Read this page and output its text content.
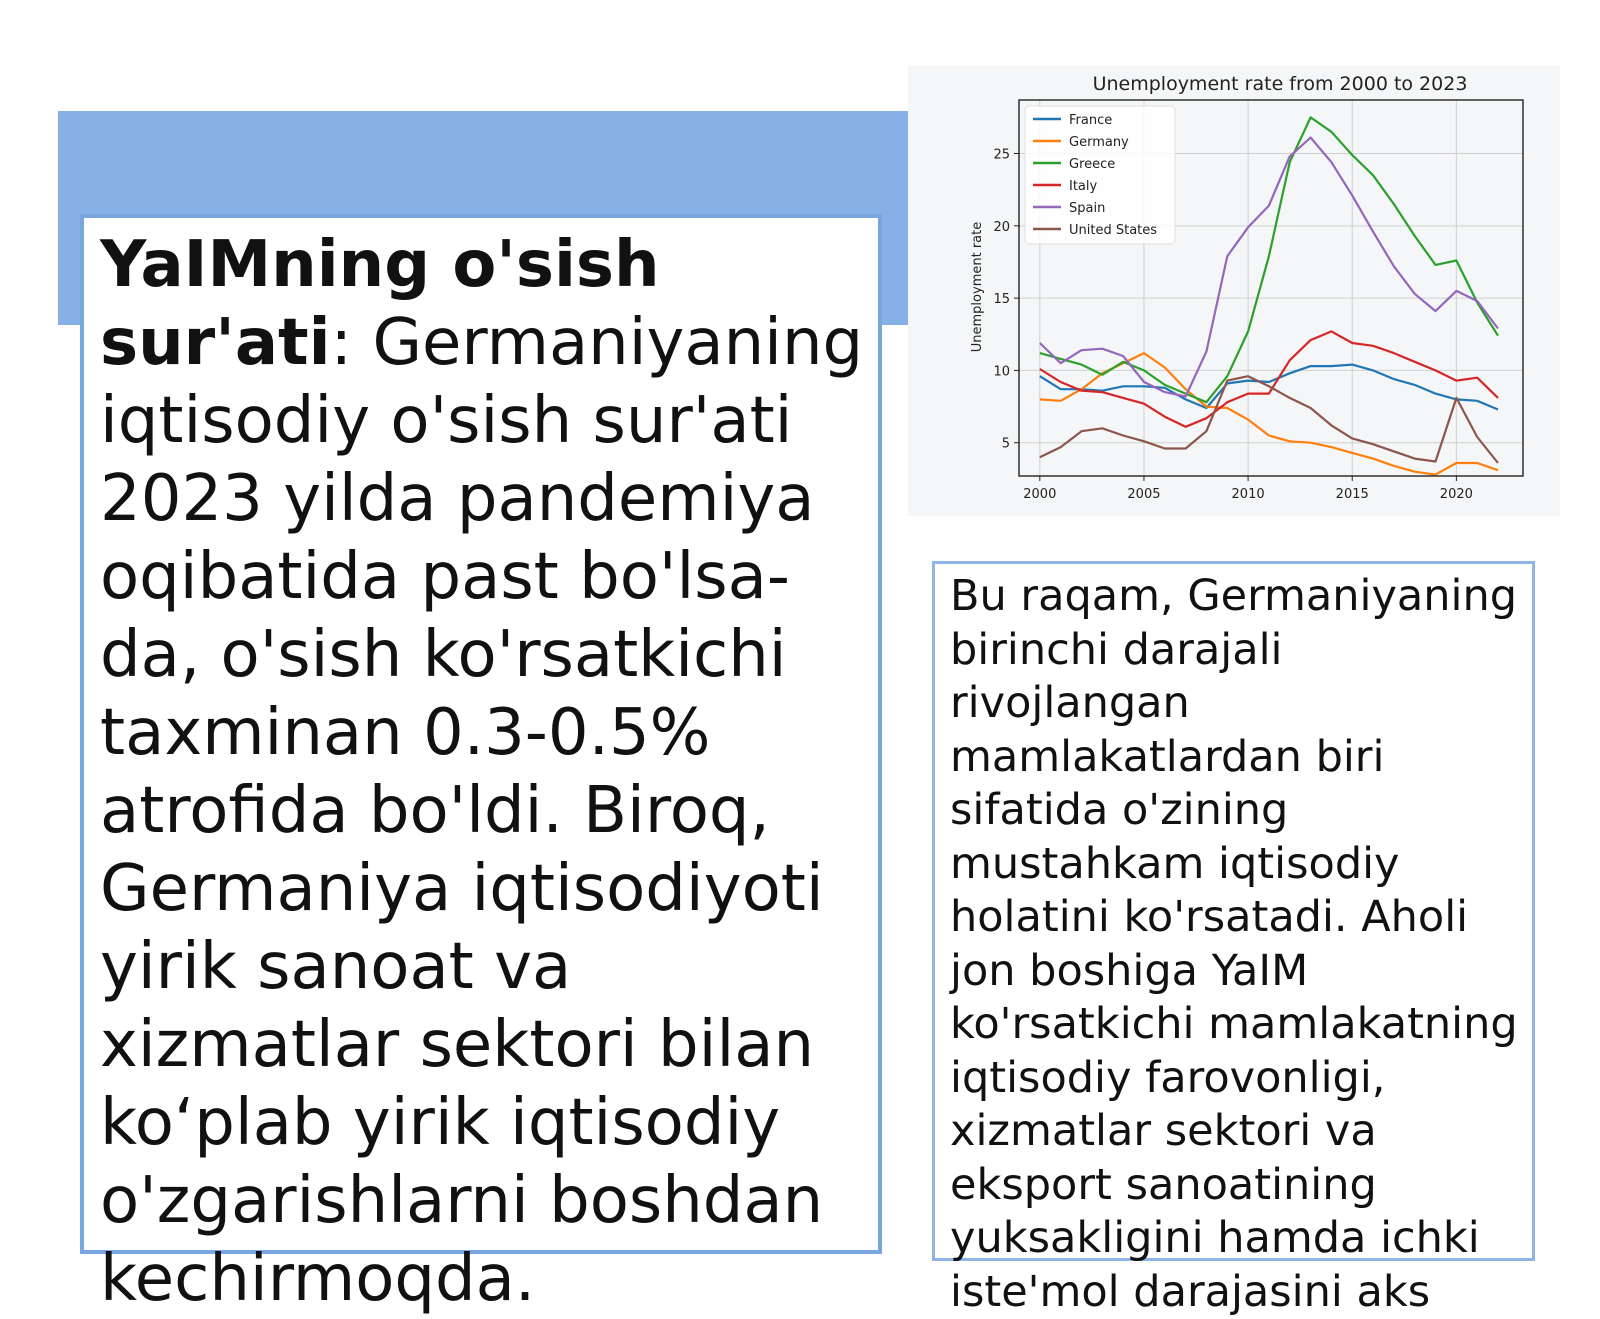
YaIMning o'sish sur'ati: Germaniyaning iqtisodiy o'sish sur'ati 2023 yilda pandemiya oqibatida past bo'lsa-da, o'sish ko'rsatkichi taxminan 0.3-0.5% atrofida bo'ldi. Biroq, Germaniya iqtisodiyoti yirik sanoat va xizmatlar sektori bilan ko‘plab yirik iqtisodiy o'zgarishlarni boshdan kechirmoqda.

Unemployment rate from 2000 to 2023
Unemployment rate
2000	2005	2010	2015	2020
5
10
15
20
25
France
Germany
Greece
Italy
Spain
United States

Bu raqam, Germaniyaning birinchi darajali rivojlangan mamlakatlardan biri sifatida o'zining mustahkam iqtisodiy holatini ko'rsatadi. Aholi jon boshiga YaIM ko'rsatkichi mamlakatning iqtisodiy farovonligi, xizmatlar sektori va eksport sanoatining yuksakligini hamda ichki iste'mol darajasini aks
